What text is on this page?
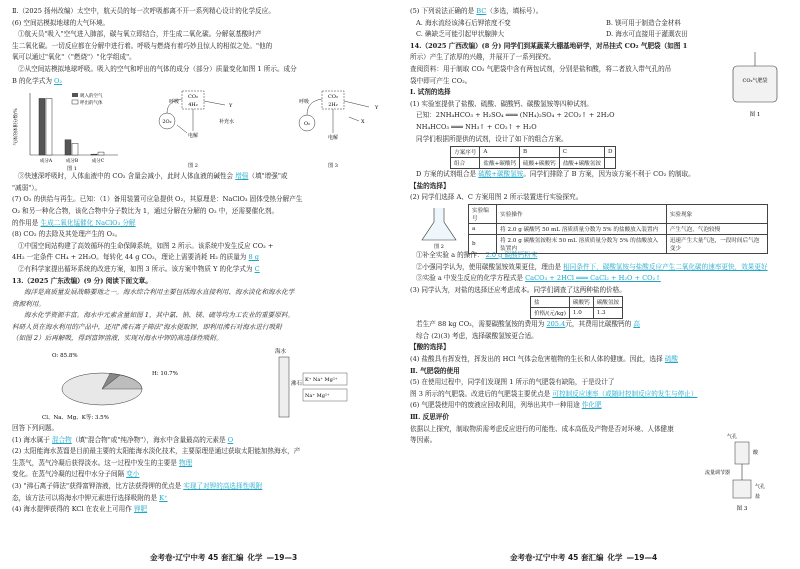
Ⅱ.（2025 扬州改编）太空中，航天员的每一次呼吸都离不开一系列精心设计的化学反应。

(6) 空间站模拟地球的大气环境。

①航天员"吸入"空气进入肺部，碳与氧立即结合，并生成二氧化碳。分解氨基酸时产

生二氧化碳。一切反应都在分解中进行着。呼吸与燃烧有着巧妙且惊人的相似之处。"他的

氧可以通过"氧化"（"燃烧"）"化学组成"。

②从空间站模拟地球呼吸。吸入的空气和呼出的气体的成分（部分）质量变化如图 1 所示。成分

B 的化学式为 O₂

气体的体积分数/%
吸入的空气
呼出的气体
成分A	成分B	成分C
图 1
CO₂
4H₂
呼吸
2O₂
电解
补充水
Y
图 2
CO₂
2H₂
呼吸
O₂	X
电解
Y
图 3

③快速深呼吸时，人体血液中的 CO₂ 含量会减小，此时人体血液的碱性会 增强（填"增强"或

"减弱"）。

(7) O₂ 的供给与再生。已知：（1）备用装置可应急提供 O₂，其原理是：NaClO₃ 固体受热分解产生

O₂ 和另一种化合物，该化合物中分子数比为 1，通过分解在分解的 O₂ 中，还需要催化剂。

的作用是 生成二氧化锰催化 NaClO₃ 分解

(8) CO₂ 的去除及其处理产生的 O₂。

①中国空间站构建了高效循环的生命保障系统，如图 2 所示。该系统中发生反应 CO₂ +

4H₂ 一定条件 CH₄ + 2H₂O。每转化 44 g CO₂，理论上需要消耗 H₂ 的质量为 8 g

②有科学家提出循环系统的改进方案，如图 3 所示。该方案中物质 Y 的化学式为 C

13.（2025 广东改编）(9 分) 阅读下面文章。

海洋是高质量发展战略要地之一。海水综合利用主要包括海水直接利用、海水淡化和海水化学

资源利用。

海水化学资源丰富。海水中元素含量如图 1，其中氯、钠、镁、硫等均为工农业的重要原料。

科研人员在海水利用的产品中，还用"沸石离子筛法"海水提取钾，即利用沸石对海水进行吸附

（如图 2）后再解吸，得到富钾溶液，实现对海水中钾的高选择性吸附。

O: 85.8%
H: 10.7%
Cl、Na、Mg、K等: 3.5%
海水
沸石
K⁺ Na⁺ Mg²⁺
Na⁺ Mg²⁺

回答下列问题。

(1) 海水属于 混合物（填"混合物"或"纯净物"），海水中含量最高的元素是 O

(2) 太阳能海水蒸馏是目前最主要的太阳能海水淡化技术，主要原理是通过获取太阳能加热海水，产

生蒸气，蒸气冷凝后获得淡水。这一过程中发生的主要是 物理

变化。在蒸气冷凝的过程中水分子间隔 变小

(3) "沸石离子筛法"获得富钾溶液，比方法获得钾的优点是 实现了对钾的高选择性吸附

态，该方法可以将海水中钾元素进行选择吸附的是 K⁺

(4) 海水提钾获得的 KCl 在农业上可用作 钾肥

金考卷·辽宁中考 45 套汇编 化学 —19—3

(5) 下列说法正确的是 BC（多选，填标号）。

A. 海水流经该沸石后钾浓度不变	B. 镁可用于制造合金材料

C. 碘缺乏可能引起甲状腺肿大	D. 海水可直接用于灌溉农田

14.（2025 广西改编）(8 分) 同学们到某蔬菜大棚基地研学，对吊挂式 CO₂ 气肥袋（如图 1

所示）产生了浓厚的兴趣，并展开了一系列探究。

查阅资料：用于制取 CO₂ 气肥袋中含有两包试剂，分别是盐和酸，将二者放入带气孔的吊

袋中即可产生 CO₂。	CO₂气肥袋
图 1

Ⅰ. 试剂的选择

(1) 实验室提供了盐酸、硫酸、碳酸钙、碳酸氢铵等四种试剂。

已知：2NH₄HCO₃ + H₂SO₄ ═══ (NH₄)₂SO₄ + 2CO₂↑ + 2H₂O

NH₄HCO₃ ═══ NH₃↑ + CO₂↑ + H₂O

同学们根据所提供的试剂，设计了如下的组合方案。

方案序号	A	B	C	D
组合	盐酸+碳酸钙	硫酸+碳酸钙	盐酸+碳酸氢铵	

D 方案的试剂组合是 硫酸+碳酸氢铵。同学们排除了 B 方案，因为该方案不利于 CO₂ 的制取。

【盐的选择】

(2) 同学们选择 A、C 方案用图 2 所示装置进行实验探究。

图 2
实验编号	实验操作	实验现象
a	将 2.0 g 碳酸钙 50 mL 溶质质量分数为 5% 的盐酸放入装置内	产生气泡，气泡较慢
b	将 2.0 g 碳酸氢铵粉末 50 mL 溶质质量分数为 5% 的盐酸放入装置内	迅速产生大量气泡，一段时间后气泡变少

①补全实验 a 的操作： 2.0 g 碳酸钙粉末

②小强同学认为，使用碳酸氢铵效果更佳，理由是 相同条件下，碳酸氢铵与盐酸反应产生二氧化碳的速率更快，效果更好

③实验 a 中发生反应的化学方程式是 CaCO₃ + 2HCl ═══ CaCl₂ + H₂O + CO₂↑

(3) 同学认为，对盐的选择还应考虑成本。同学们调查了这两种盐的价格。

盐	碳酸钙	碳酸氢铵
价格/(元/kg)	1.0	1.3

若生产 88 kg CO₂，需要碳酸氢铵的费用为 205.4元，其费用比碳酸钙的 高

综合 (2)(3) 考虑，选择碳酸氢铵更合适。

【酸的选择】

(4) 盐酸具有挥发性，挥发出的 HCl 气体会危害植物的生长和人体的健康。因此，选择 硫酸

Ⅱ. 气肥袋的使用

(5) 在使用过程中，同学们发现图 1 所示的气肥袋有缺陷，于是设计了

图 3 所示的气肥袋。改进后的气肥袋主要优点是 可控制反应速率（或随时控制反应的发生与停止）

(6) 气肥袋使用中的废液应回收利用，列举出其中一种用途 作化肥

Ⅲ. 反思评价

依据以上探究，制取物质需考虑反应进行的可能性、成本高低及产物是否对环境、人体健康

等因素。	气孔
酸
流量调节器
气孔
盐
图 3
金考卷·辽宁中考 45 套汇编 化学 —19—4
